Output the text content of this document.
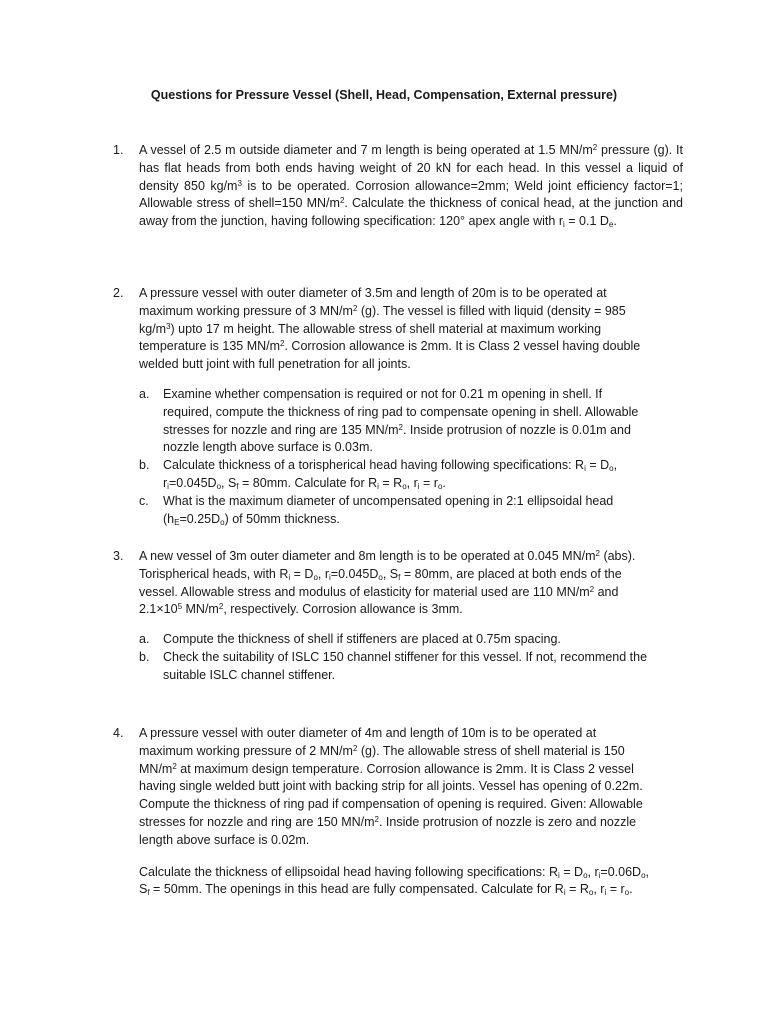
Questions for Pressure Vessel (Shell, Head, Compensation, External pressure)
1.	A vessel of 2.5 m outside diameter and 7 m length is being operated at 1.5 $MN/m^2$ pressure (g). It has flat heads from both ends having weight of 20 kN for each head. In this vessel a liquid of density 850 $kg/m^3$ is to be operated. Corrosion allowance=2mm; Weld joint efficiency factor=1; Allowable stress of shell=150 $MN/m^2$. Calculate the thickness of conical head, at the junction and away from the junction, having following specification: 120° apex angle with $r_i = 0.1$ $D_e$.
2.	A pressure vessel with outer diameter of 3.5m and length of 20m is to be operated at
maximum working pressure of 3 $MN/m^2$ (g). The vessel is filled with liquid (density = 985
$kg/m^3$) upto 17 m height. The allowable stress of shell material at maximum working
temperature is 135 $MN/m^2$. Corrosion allowance is 2mm. It is Class 2 vessel having double
welded butt joint with full penetration for all joints.
a. Examine whether compensation is required or not for 0.21 m opening in shell. If
required, compute the thickness of ring pad to compensate opening in shell. Allowable
stresses for nozzle and ring are 135 $MN/m^2$. Inside protrusion of nozzle is 0.01m and
nozzle length above surface is 0.03m.
b. Calculate thickness of a torispherical head having following specifications: $R_i = D_o$,
$r_i=0.045D_o$, $S_f = 80mm$. Calculate for $R_i = R_o$, $r_i = r_o$.
c. What is the maximum diameter of uncompensated opening in 2:1 ellipsoidal head
$(h_E=0.25D_o)$ of 50mm thickness.
3.	A new vessel of 3m outer diameter and 8m length is to be operated at 0.045 $MN/m^2$ (abs).
Torispherical heads, with $R_i = D_o$, $r_i=0.045D_o$, $S_f = 80mm$, are placed at both ends of the
vessel. Allowable stress and modulus of elasticity for material used are 110 $MN/m^2$ and
$2.1\times 10^5$ $MN/m^2$, respectively. Corrosion allowance is 3mm.
a. Compute the thickness of shell if stiffeners are placed at 0.75m spacing.
b. Check the suitability of ISLC 150 channel stiffener for this vessel. If not, recommend the
suitable ISLC channel stiffener.
4.	A pressure vessel with outer diameter of 4m and length of 10m is to be operated at
maximum working pressure of 2 $MN/m^2$ (g). The allowable stress of shell material is 150
$MN/m^2$ at maximum design temperature. Corrosion allowance is 2mm. It is Class 2 vessel
having single welded butt joint with backing strip for all joints. Vessel has opening of 0.22m.
Compute the thickness of ring pad if compensation of opening is required. Given: Allowable
stresses for nozzle and ring are 150 $MN/m^2$. Inside protrusion of nozzle is zero and nozzle
length above surface is 0.02m.
Calculate the thickness of ellipsoidal head having following specifications: $R_i = D_o$, $r_i=0.06D_o$,
$S_f = 50mm$. The openings in this head are fully compensated. Calculate for $R_i = R_o$, $r_i = r_o$.
